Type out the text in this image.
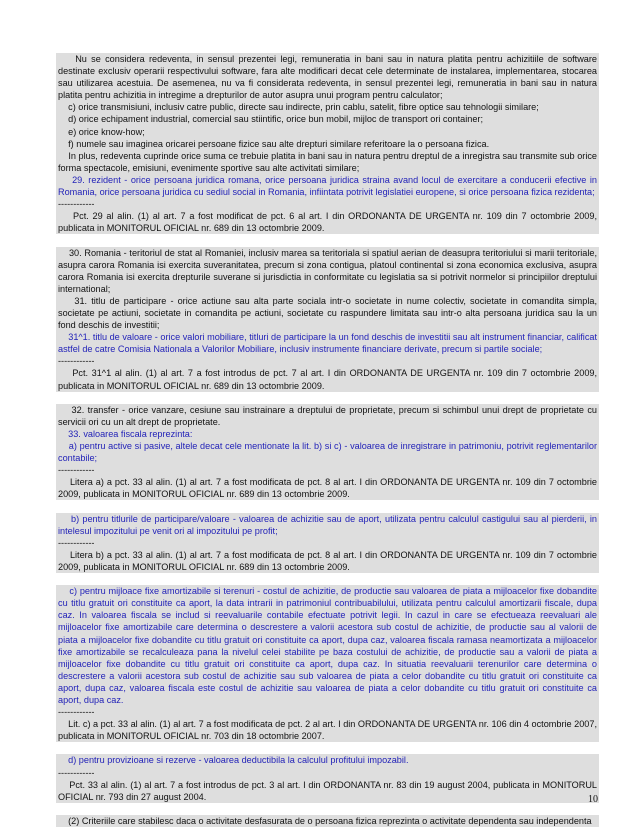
Nu se considera redeventa, in sensul prezentei legi, remuneratia in bani sau in natura platita pentru achizitiile de software destinate exclusiv operarii respectivului software, fara alte modificari decat cele determinate de instalarea, implementarea, stocarea sau utilizarea acestuia. De asemenea, nu va fi considerata redeventa, in sensul prezentei legi, remuneratia in bani sau in natura platita pentru achizitia in intregime a drepturilor de autor asupra unui program pentru calculator;
c) orice transmisiuni, inclusiv catre public, directe sau indirecte, prin cablu, satelit, fibre optice sau tehnologii similare;
d) orice echipament industrial, comercial sau stiintific, orice bun mobil, mijloc de transport ori container;
e) orice know-how;
f) numele sau imaginea oricarei persoane fizice sau alte drepturi similare referitoare la o persoana fizica.
In plus, redeventa cuprinde orice suma ce trebuie platita in bani sau in natura pentru dreptul de a inregistra sau transmite sub orice forma spectacole, emisiuni, evenimente sportive sau alte activitati similare;
29. rezident - orice persoana juridica romana, orice persoana juridica straina avand locul de exercitare a conducerii efective in Romania, orice persoana juridica cu sediul social in Romania, infiintata potrivit legislatiei europene, si orice persoana fizica rezidenta;
------------
Pct. 29 al alin. (1) al art. 7 a fost modificat de pct. 6 al art. I din ORDONANTA DE URGENTA nr. 109 din 7 octombrie 2009, publicata in MONITORUL OFICIAL nr. 689 din 13 octombrie 2009.
30. Romania - teritoriul de stat al Romaniei, inclusiv marea sa teritoriala si spatiul aerian de deasupra teritoriului si marii teritoriale, asupra carora Romania isi exercita suveranitatea, precum si zona contigua, platoul continental si zona economica exclusiva, asupra carora Romania isi exercita drepturile suverane si jurisdictia in conformitate cu legislatia sa si potrivit normelor si principiilor dreptului international;
31. titlu de participare - orice actiune sau alta parte sociala intr-o societate in nume colectiv, societate in comandita simpla, societate pe actiuni, societate in comandita pe actiuni, societate cu raspundere limitata sau intr-o alta persoana juridica sau la un fond deschis de investitii;
31^1. titlu de valoare - orice valori mobiliare, titluri de participare la un fond deschis de investitii sau alt instrument financiar, calificat astfel de catre Comisia Nationala a Valorilor Mobiliare, inclusiv instrumente financiare derivate, precum si partile sociale;
------------
Pct. 31^1 al alin. (1) al art. 7 a fost introdus de pct. 7 al art. I din ORDONANTA DE URGENTA nr. 109 din 7 octombrie 2009, publicata in MONITORUL OFICIAL nr. 689 din 13 octombrie 2009.
32. transfer - orice vanzare, cesiune sau instrainare a dreptului de proprietate, precum si schimbul unui drept de proprietate cu servicii ori cu un alt drept de proprietate.
33. valoarea fiscala reprezinta:
a) pentru active si pasive, altele decat cele mentionate la lit. b) si c) - valoarea de inregistrare in patrimoniu, potrivit reglementarilor contabile;
------------
Litera a) a pct. 33 al alin. (1) al art. 7 a fost modificata de pct. 8 al art. I din ORDONANTA DE URGENTA nr. 109 din 7 octombrie 2009, publicata in MONITORUL OFICIAL nr. 689 din 13 octombrie 2009.
b) pentru titlurile de participare/valoare - valoarea de achizitie sau de aport, utilizata pentru calculul castigului sau al pierderii, in intelesul impozitului pe venit ori al impozitului pe profit;
------------
Litera b) a pct. 33 al alin. (1) al art. 7 a fost modificata de pct. 8 al art. I din ORDONANTA DE URGENTA nr. 109 din 7 octombrie 2009, publicata in MONITORUL OFICIAL nr. 689 din 13 octombrie 2009.
c) pentru mijloace fixe amortizabile si terenuri - costul de achizitie, de productie sau valoarea de piata a mijloacelor fixe dobandite cu titlu gratuit ori constituite ca aport, la data intrarii in patrimoniul contribuabilului, utilizata pentru calculul amortizarii fiscale, dupa caz. In valoarea fiscala se includ si reevaluarile contabile efectuate potrivit legii. In cazul in care se efectueaza reevaluari ale mijloacelor fixe amortizabile care determina o descrestere a valorii acestora sub costul de achizitie, de productie sau al valorii de piata a mijloacelor fixe dobandite cu titlu gratuit ori constituite ca aport, dupa caz, valoarea fiscala ramasa neamortizata a mijloacelor fixe amortizabile se recalculeaza pana la nivelul celei stabilite pe baza costului de achizitie, de productie sau a valorii de piata a mijloacelor fixe dobandite cu titlu gratuit ori constituite ca aport, dupa caz. In situatia reevaluarii terenurilor care determina o descrestere a valorii acestora sub costul de achizitie sau sub valoarea de piata a celor dobandite cu titlu gratuit ori constituite ca aport, dupa caz, valoarea fiscala este costul de achizitie sau valoarea de piata a celor dobandite cu titlu gratuit ori constituite ca aport, dupa caz.
------------
Lit. c) a pct. 33 al alin. (1) al art. 7 a fost modificata de pct. 2 al art. I din ORDONANTA DE URGENTA nr. 106 din 4 octombrie 2007, publicata in MONITORUL OFICIAL nr. 703 din 18 octombrie 2007.
d) pentru provizioane si rezerve - valoarea deductibila la calculul profitului impozabil.
------------
Pct. 33 al alin. (1) al art. 7 a fost introdus de pct. 3 al art. I din ORDONANTA nr. 83 din 19 august 2004, publicata in MONITORUL OFICIAL nr. 793 din 27 august 2004.
(2) Criteriile care stabilesc daca o activitate desfasurata de o persoana fizica reprezinta o activitate dependenta sau independenta
10
